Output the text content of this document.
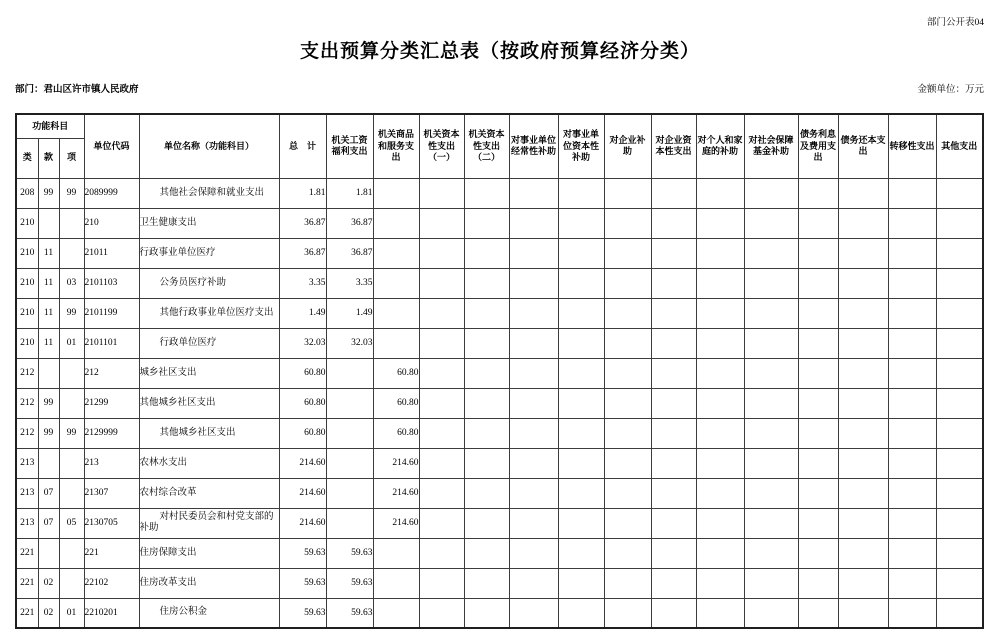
部门公开表04
支出预算分类汇总表（按政府预算经济分类）
部门：君山区许市镇人民政府	金额单位：万元
功能科目			单位代码	单位名称（功能科目）	总　计	机关工资福利支出	机关商品和服务支出	机关资本性支出（一）	机关资本性支出（二）	对事业单位经常性补助	对事业单位资本性补助	对企业补助	对企业资本性支出	对个人和家庭的补助	对社会保障基金补助	债务利息及费用支出	债务还本支出	转移性支出	其他支出
类	款	项																	
208	99	99	2089999	其他社会保障和就业支出	1.81	1.81													
210			210	卫生健康支出	36.87	36.87													
210	11		21011	行政事业单位医疗	36.87	36.87													
210	11	03	2101103	公务员医疗补助	3.35	3.35													
210	11	99	2101199	其他行政事业单位医疗支出	1.49	1.49													
210	11	01	2101101	行政单位医疗	32.03	32.03													
212			212	城乡社区支出	60.80		60.80												
212	99		21299	其他城乡社区支出	60.80		60.80												
212	99	99	2129999	其他城乡社区支出	60.80		60.80												
213			213	农林水支出	214.60		214.60												
213	07		21307	农村综合改革	214.60		214.60												
213	07	05	2130705	对村民委员会和村党支部的补助	214.60		214.60												
221			221	住房保障支出	59.63	59.63													
221	02		22102	住房改革支出	59.63	59.63													
221	02	01	2210201	住房公积金	59.63	59.63													
